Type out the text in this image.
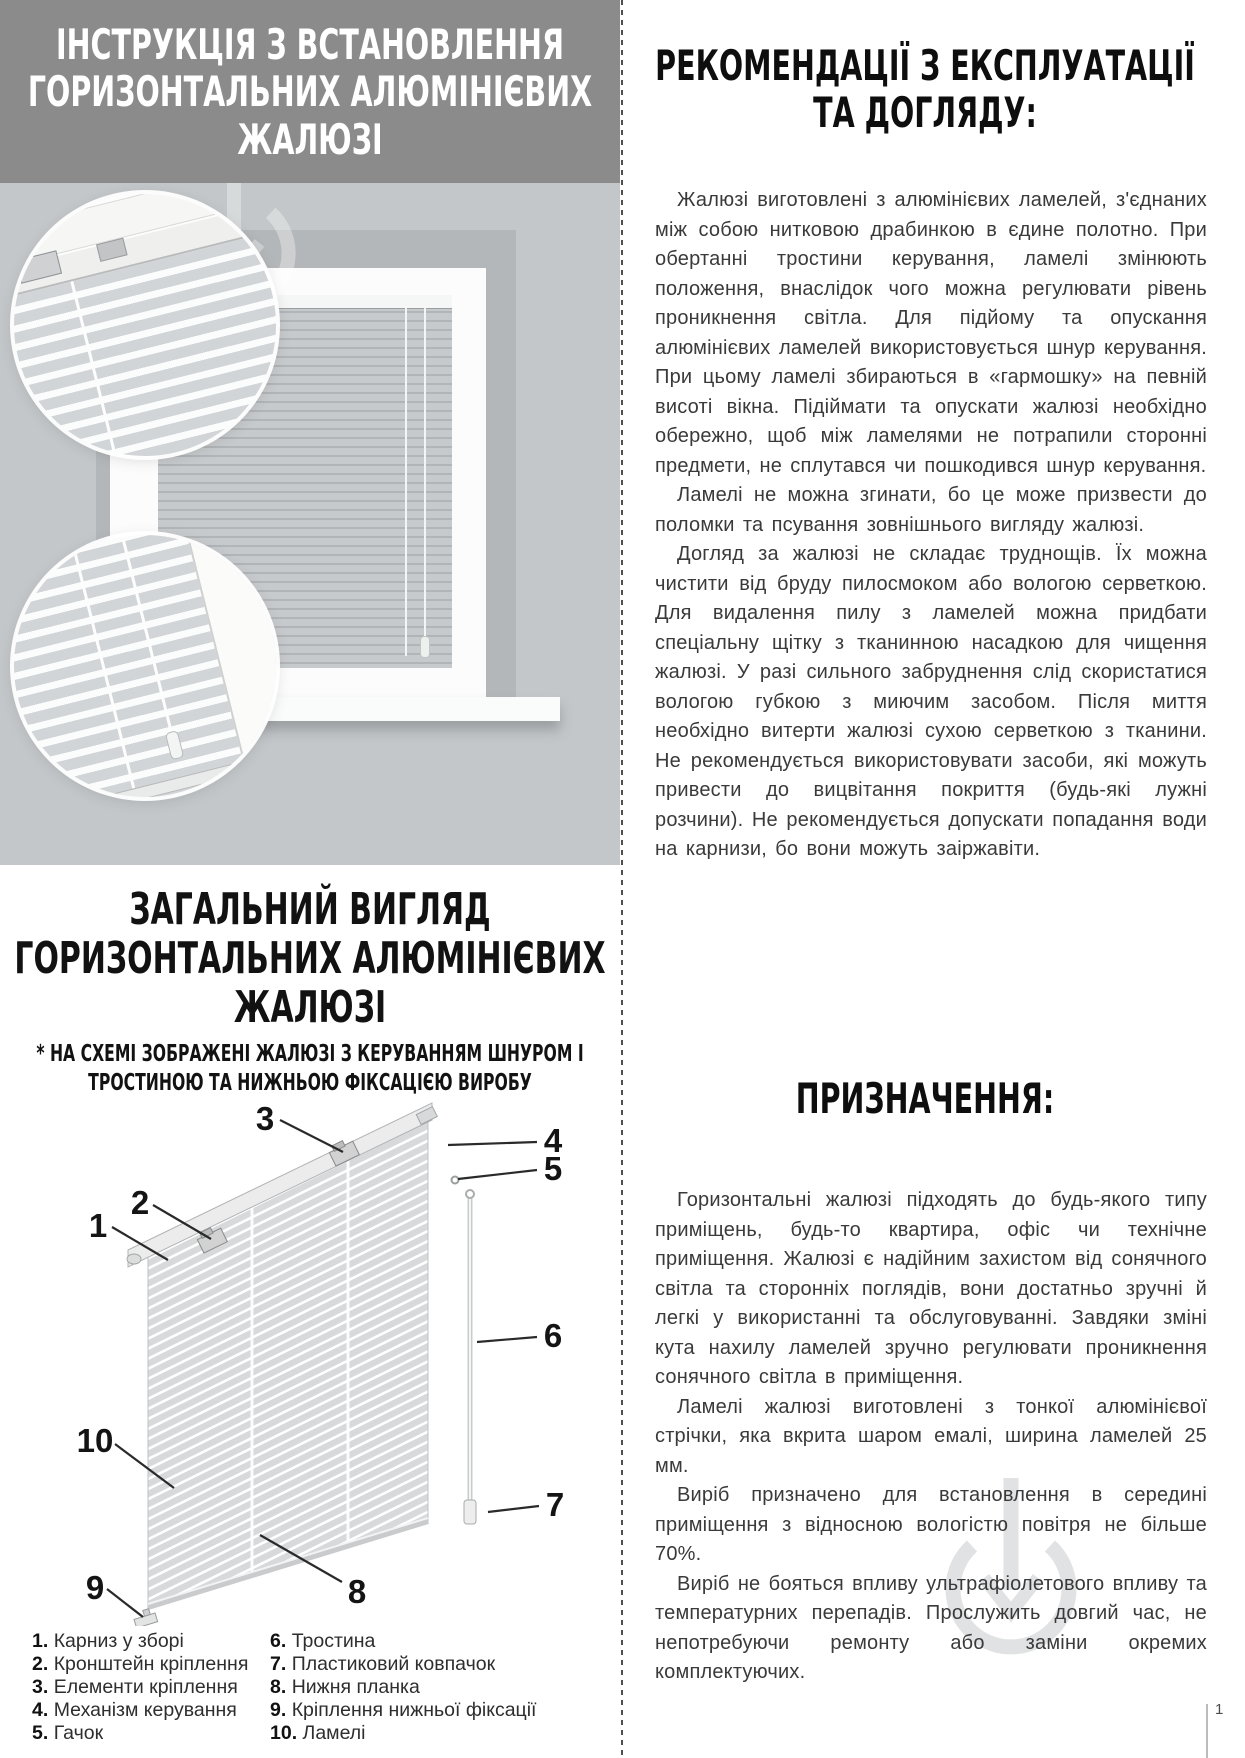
ІНСТРУКЦІЯ З ВСТАНОВЛЕННЯ ГОРИЗОНТАЛЬНИХ АЛЮМІНІЄВИХ ЖАЛЮЗІ
ЗАГАЛЬНИЙ ВИГЛЯД ГОРИЗОНТАЛЬНИХ АЛЮМІНІЄВИХ ЖАЛЮЗІ
* НА СХЕМІ ЗОБРАЖЕНІ ЖАЛЮЗІ З КЕРУВАННЯМ ШНУРОМ І ТРОСТИНОЮ ТА НИЖНЬОЮ ФІКСАЦІЄЮ ВИРОБУ
1
2
3
4
5
6
7
8
9
10
1. Карниз у зборі
2. Кронштейн кріплення
3. Елементи кріплення
4. Механізм керування
5. Гачок
6. Тростина
7. Пластиковий ковпачок
8. Нижня планка
9. Кріплення нижньої фіксації
10. Ламелі
РЕКОМЕНДАЦІЇ З ЕКСПЛУАТАЦІЇ ТА ДОГЛЯДУ:

Жалюзі виготовлені з алюмінієвих ламелей, з'єднаних між собою нитковою драбинкою в єдине полотно. При обертанні тростини керування, ламелі змінюють положення, внаслідок чого можна регулювати рівень проникнення світла. Для підйому та опускання алюмінієвих ламелей використовується шнур керування. При цьому ламелі збираються в «гармошку» на певній висоті вікна. Підіймати та опускати жалюзі необхідно обережно, щоб між ламелями не потрапили сторонні предмети, не сплутався чи пошкодився шнур керування.

Ламелі не можна згинати, бо це може призвести до поломки та псування зовнішнього вигляду жалюзі.

Догляд за жалюзі не складає труднощів. Їх можна чистити від бруду пилосмоком або вологою серветкою. Для видалення пилу з ламелей можна придбати спеціальну щітку з тканинною насадкою для чищення жалюзі. У разі сильного забруднення слід скористатися вологою губкою з миючим засобом. Після миття необхідно витерти жалюзі сухою серветкою з тканини. Не рекомендується використовувати засоби, які можуть привести до вицвітання покриття (будь-які лужні розчини). Не рекомендується допускати попадання води на карнизи, бо вони можуть заіржавіти.

ПРИЗНАЧЕННЯ:

Горизонтальні жалюзі підходять до будь-якого типу приміщень, будь-то квартира, офіс чи технічне приміщення. Жалюзі є надійним захистом від сонячного світла та сторонніх поглядів, вони достатньо зручні й легкі у використанні та обслуговуванні. Завдяки зміні кута нахилу ламелей зручно регулювати проникнення сонячного світла в приміщення.

Ламелі жалюзі виготовлені з тонкої алюмінієвої стрічки, яка вкрита шаром емалі, ширина ламелей 25 мм.

Виріб призначено для встановлення в середині приміщення з відносною вологістю повітря не більше 70%.

Виріб не бояться впливу ультрафіолетового впливу та температурних перепадів. Прослужить довгий час, не непотребуючи ремонту або заміни окремих комплектуючих.

1
